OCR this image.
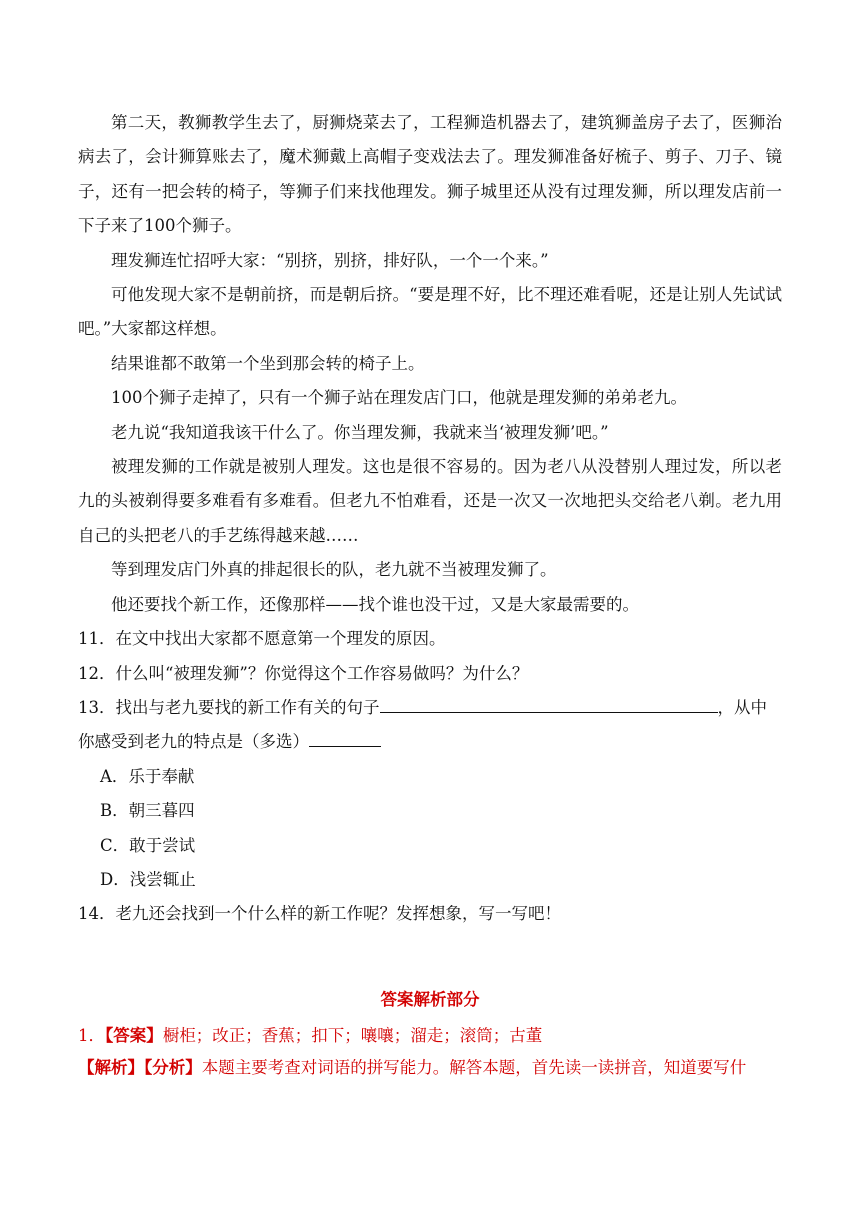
第二天，教狮教学生去了，厨狮烧菜去了，工程狮造机器去了，建筑狮盖房子去了，医狮治病去了，会计狮算账去了，魔术狮戴上高帽子变戏法去了。理发狮准备好梳子、剪子、刀子、镜子，还有一把会转的椅子，等狮子们来找他理发。狮子城里还从没有过理发狮，所以理发店前一下子来了100个狮子。

理发狮连忙招呼大家：“别挤，别挤，排好队，一个一个来。”

可他发现大家不是朝前挤，而是朝后挤。“要是理不好，比不理还难看呢，还是让别人先试试吧。”大家都这样想。

结果谁都不敢第一个坐到那会转的椅子上。

100个狮子走掉了，只有一个狮子站在理发店门口，他就是理发狮的弟弟老九。

老九说“我知道我该干什么了。你当理发狮，我就来当‘被理发狮’吧。”

被理发狮的工作就是被别人理发。这也是很不容易的。因为老八从没替别人理过发，所以老九的头被剃得要多难看有多难看。但老九不怕难看，还是一次又一次地把头交给老八剃。老九用自己的头把老八的手艺练得越来越……

等到理发店门外真的排起很长的队，老九就不当被理发狮了。

他还要找个新工作，还像那样——找个谁也没干过，又是大家最需要的。

11．在文中找出大家都不愿意第一个理发的原因。

12．什么叫“被理发狮”？你觉得这个工作容易做吗？为什么？

13．找出与老九要找的新工作有关的句子	，从中
你感受到老九的特点是（多选）

A．乐于奉献

B．朝三暮四

C．敢于尝试

D．浅尝辄止

14．老九还会找到一个什么样的新工作呢？发挥想象，写一写吧！

答案解析部分

1．【答案】橱柜；改正；香蕉；扣下；嚷嚷；溜走；滚筒；古董

【解析】【分析】本题主要考查对词语的拼写能力。解答本题，首先读一读拼音，知道要写什
